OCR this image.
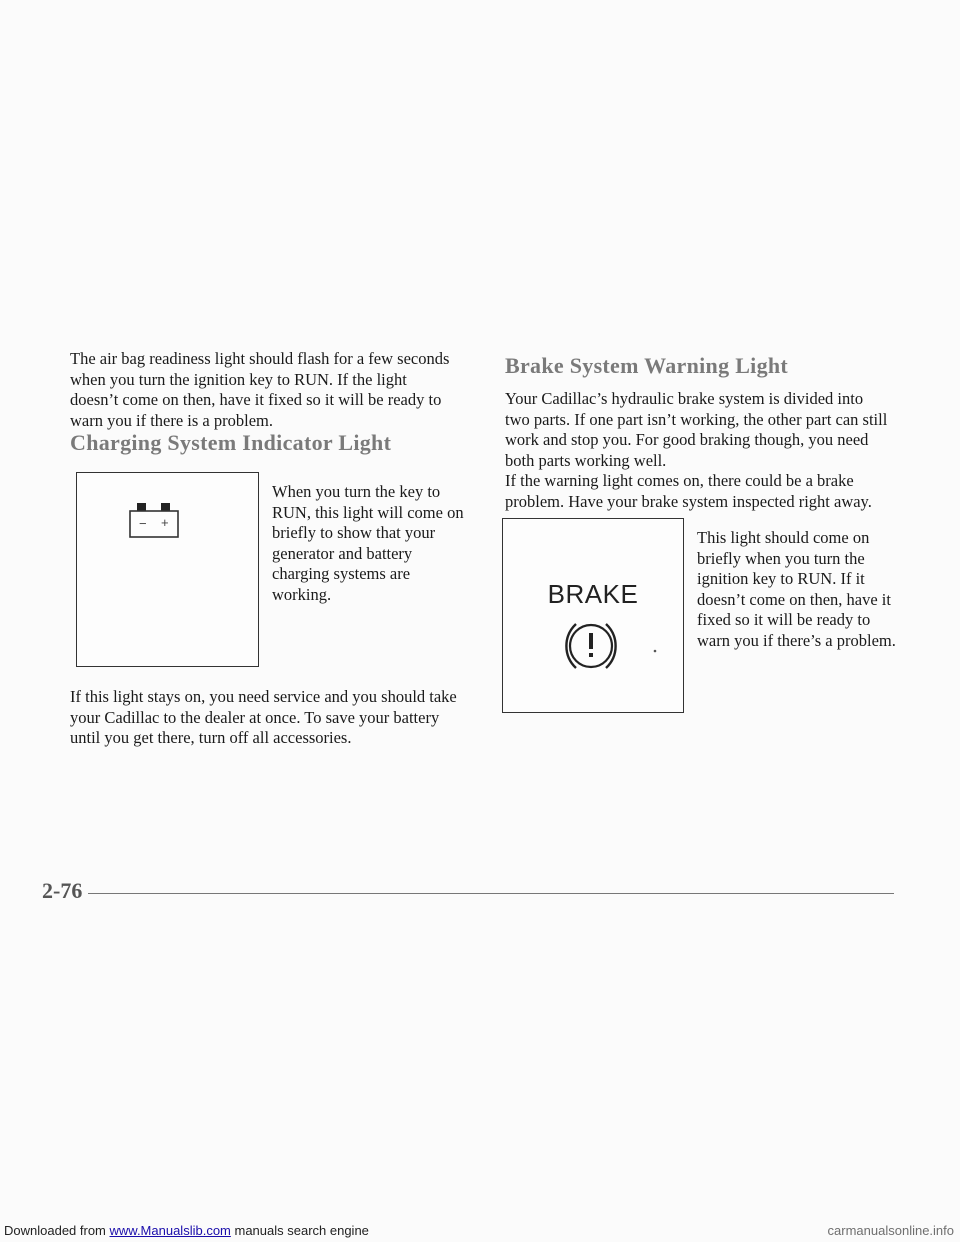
The air bag readiness light should flash for a few seconds when you turn the ignition key to RUN. If the light doesn’t come on then, have it fixed so it will be ready to warn you if there is a problem.

Charging System Indicator Light
− +

When you turn the key to RUN, this light will come on briefly to show that your generator and battery charging systems are working.

If this light stays on, you need service and you should take your Cadillac to the dealer at once. To save your battery until you get there, turn off all accessories.

Brake System Warning Light

Your Cadillac’s hydraulic brake system is divided into two parts. If one part isn’t working, the other part can still work and stop you. For good braking though, you need both parts working well.

If the warning light comes on, there could be a brake problem. Have your brake system inspected right away.

BRAKE

This light should come on briefly when you turn the ignition key to RUN. If it doesn’t come on then, have it fixed so it will be ready to warn you if there’s a problem.

2-76
Downloaded from www.Manualslib.com manuals search engine	carmanualsonline.info
